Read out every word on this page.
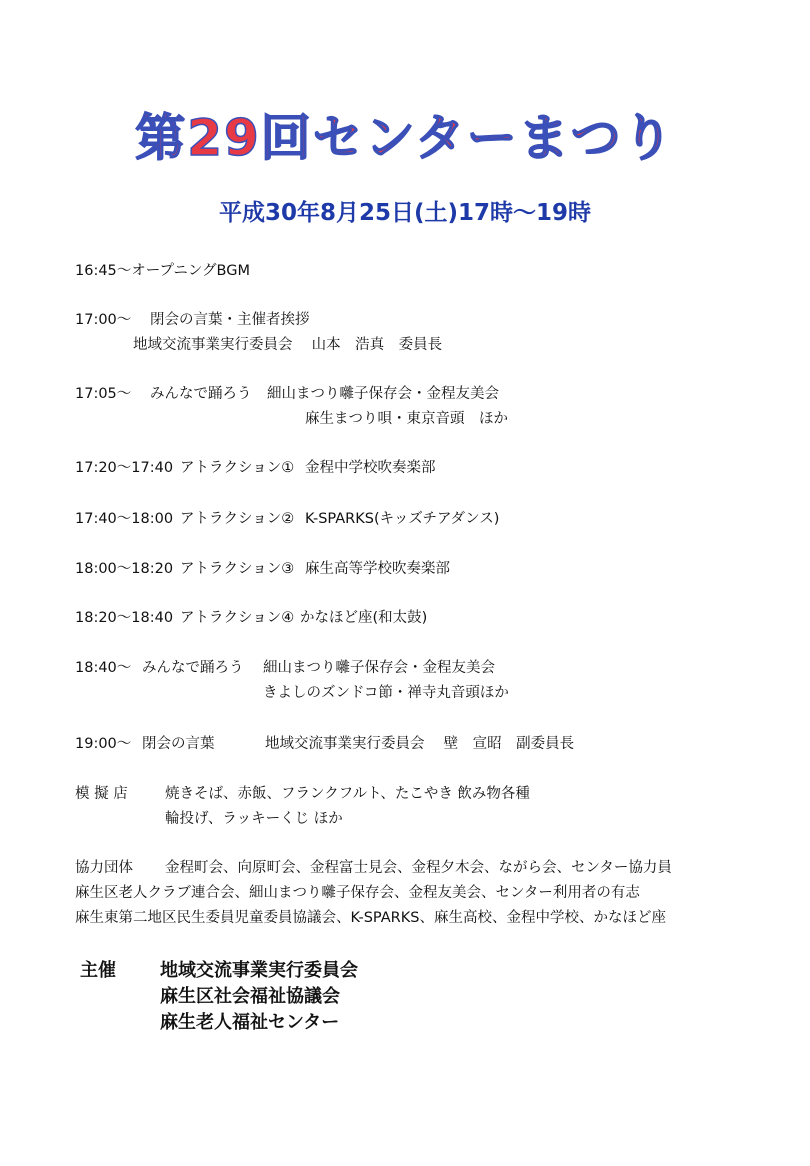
第29回センターまつり
平成30年8月25日(土)17時～19時
16:45～オープニングBGM
17:00～ 閉会の言葉・主催者挨拶
地域交流事業実行委員会　 山本　浩真　委員長
17:05～ みんなで踊ろう 細山まつり囃子保存会・金程友美会
麻生まつり唄・東京音頭　ほか
17:20～17:40 アトラクション① 金程中学校吹奏楽部
17:40～18:00 アトラクション② K-SPARKS(キッズチアダンス)
18:00～18:20 アトラクション③ 麻生高等学校吹奏楽部
18:20～18:40 アトラクション④ かなほど座(和太鼓)
18:40～ みんなで踊ろう 細山まつり囃子保存会・金程友美会
きよしのズンドコ節・禅寺丸音頭ほか
19:00～ 閉会の言葉	地域交流事業実行委員会　 壁　宣昭　副委員長
模 擬 店	焼きそば、赤飯、フランクフルト、たこやき 飲み物各種
輪投げ、ラッキーくじ ほか
協力団体 金程町会、向原町会、金程富士見会、金程夕木会、ながら会、センター協力員
麻生区老人クラブ連合会、細山まつり囃子保存会、金程友美会、センター利用者の有志
麻生東第二地区民生委員児童委員協議会、K-SPARKS、麻生高校、金程中学校、かなほど座
主催 地域交流事業実行委員会
麻生区社会福祉協議会
麻生老人福祉センター
